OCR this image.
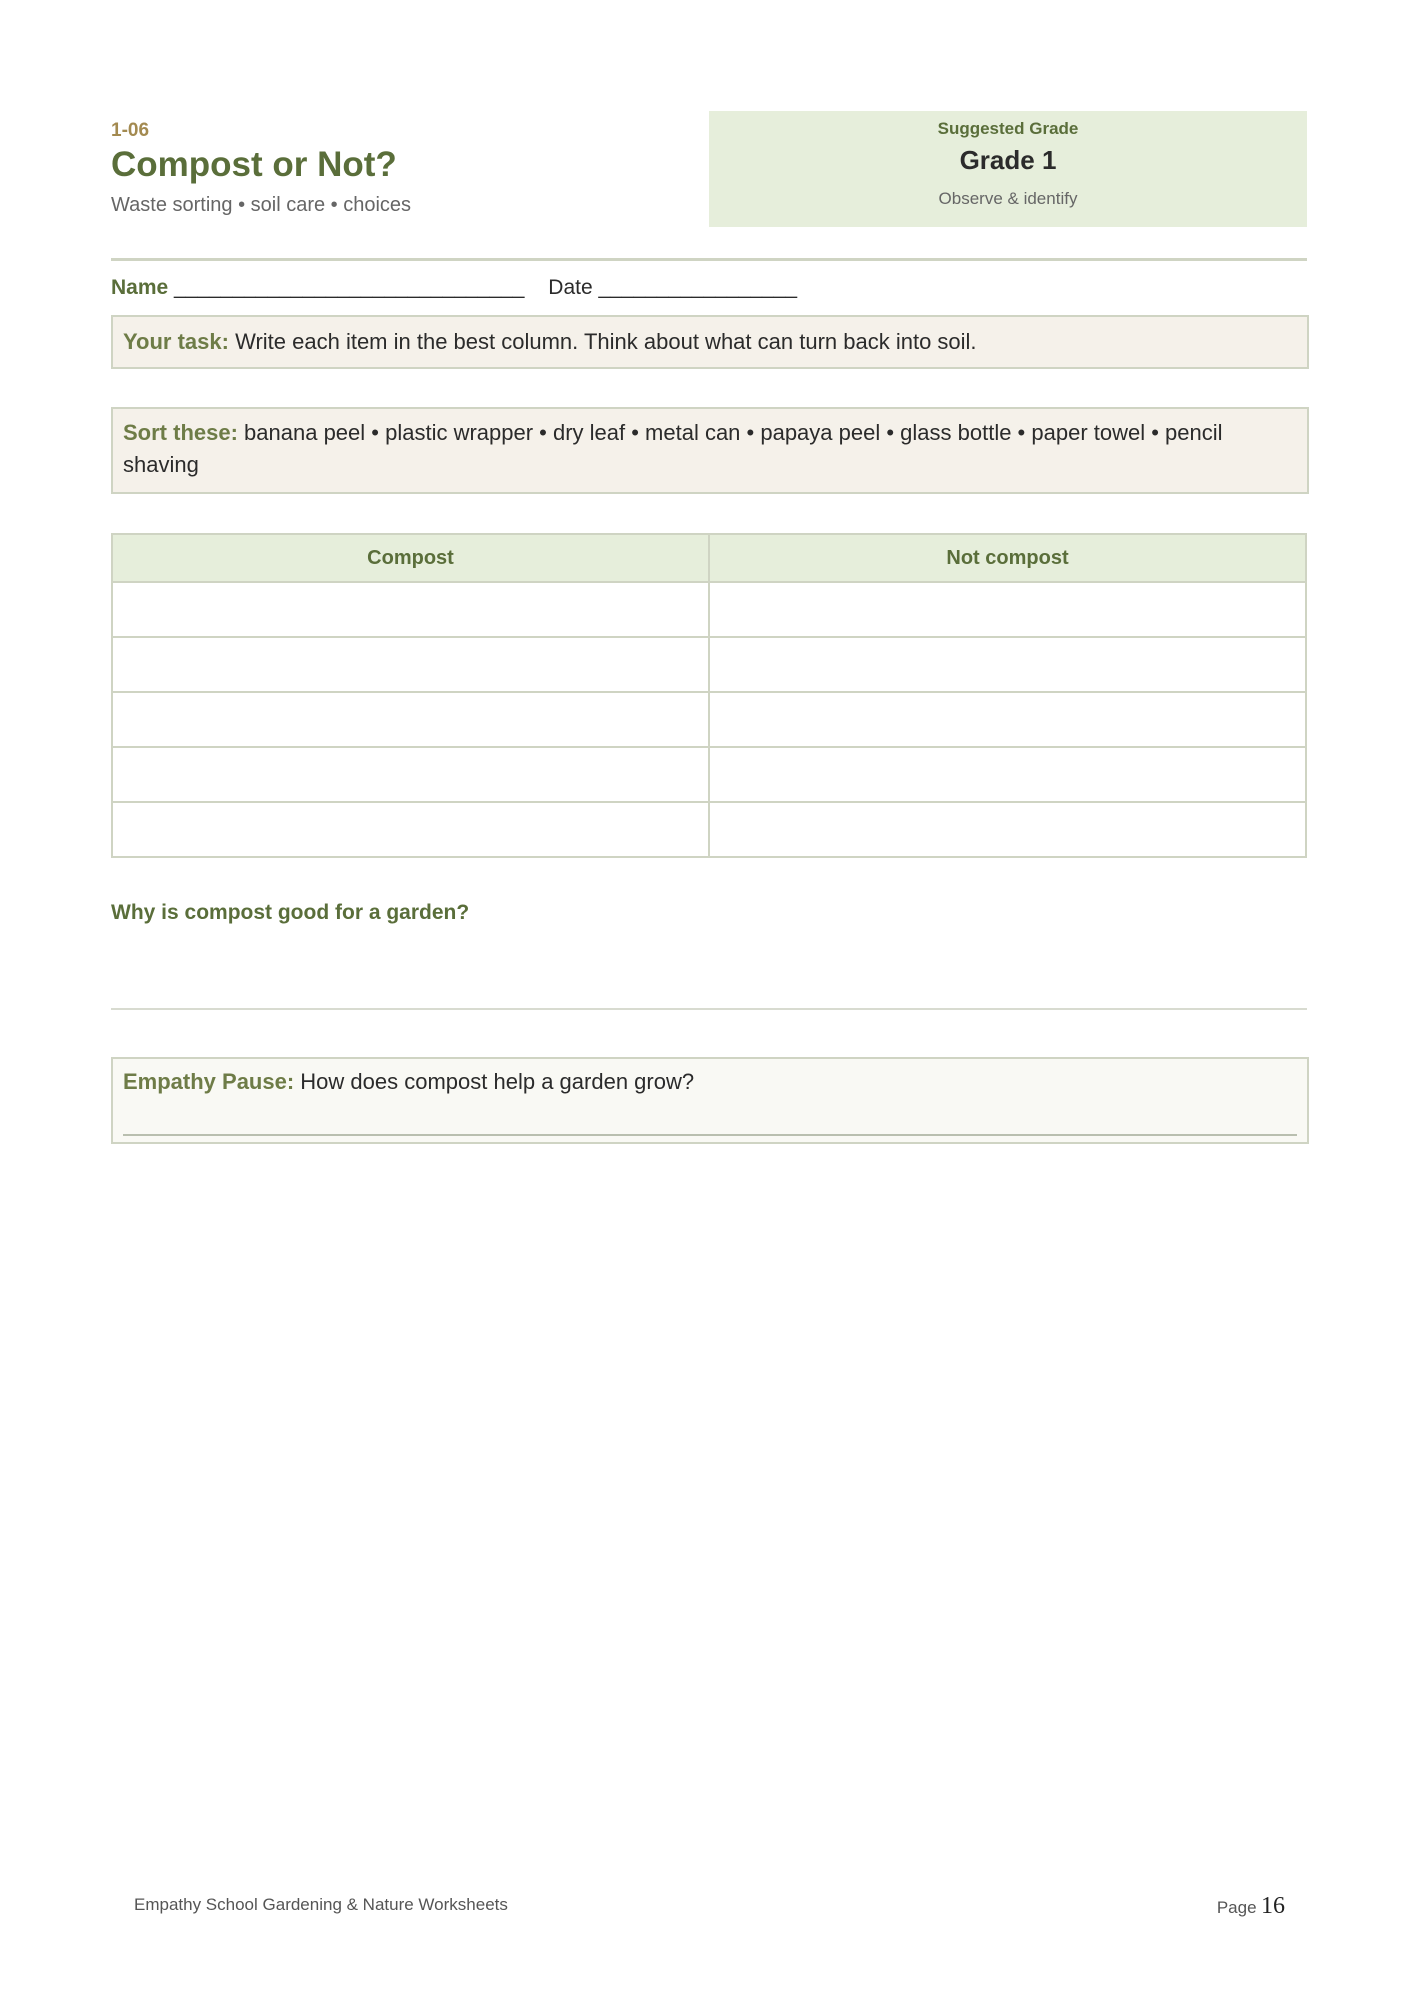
1-06
Compost or Not?
Waste sorting • soil care • choices
Suggested Grade
Grade 1
Observe & identify
Name ______________________________ Date _________________
Your task: Write each item in the best column. Think about what can turn back into soil.
Sort these: banana peel • plastic wrapper • dry leaf • metal can • papaya peel • glass bottle • paper towel • pencil shaving
Compost	Not compost

Why is compost good for a garden?
Empathy Pause: How does compost help a garden grow?
Empathy School Gardening & Nature Worksheets	Page 16
